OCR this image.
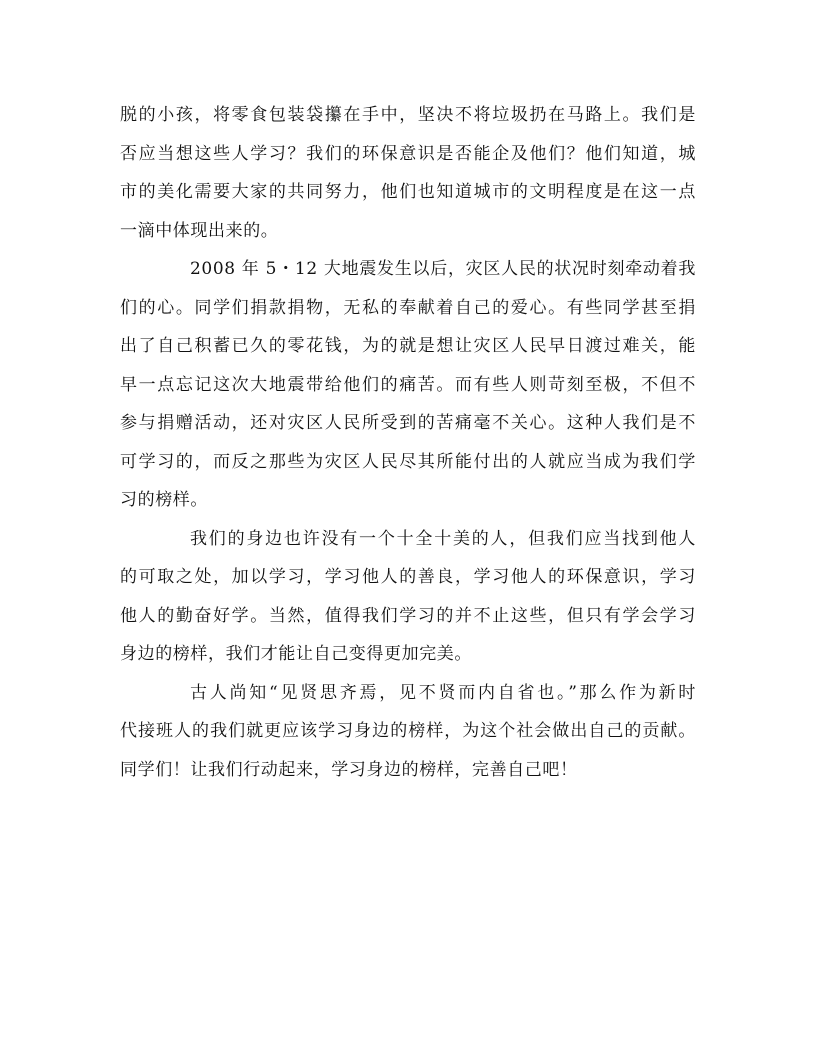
脱的小孩，将零食包装袋攥在手中，坚决不将垃圾扔在马路上。我们是
否应当想这些人学习？我们的环保意识是否能企及他们？他们知道，城
市的美化需要大家的共同努力，他们也知道城市的文明程度是在这一点
一滴中体现出来的。
2008 年 5・12 大地震发生以后，灾区人民的状况时刻牵动着我
们的心。同学们捐款捐物，无私的奉献着自己的爱心。有些同学甚至捐
出了自己积蓄已久的零花钱，为的就是想让灾区人民早日渡过难关，能
早一点忘记这次大地震带给他们的痛苦。而有些人则苛刻至极，不但不
参与捐赠活动，还对灾区人民所受到的苦痛毫不关心。这种人我们是不
可学习的，而反之那些为灾区人民尽其所能付出的人就应当成为我们学
习的榜样。
我们的身边也许没有一个十全十美的人，但我们应当找到他人
的可取之处，加以学习，学习他人的善良，学习他人的环保意识，学习
他人的勤奋好学。当然，值得我们学习的并不止这些，但只有学会学习
身边的榜样，我们才能让自己变得更加完美。
古人尚知“见贤思齐焉，见不贤而内自省也。”那么作为新时
代接班人的我们就更应该学习身边的榜样，为这个社会做出自己的贡献。
同学们！让我们行动起来，学习身边的榜样，完善自己吧！
